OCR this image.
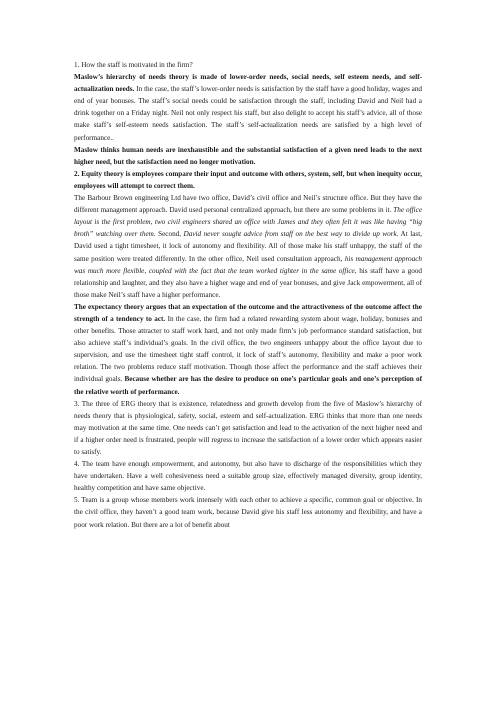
1. How the staff is motivated in the firm?

Maslow’s hierarchy of needs theory is made of lower-order needs, social needs, self esteem needs, and self-actualization needs. In the case, the staff’s lower-order needs is satisfaction by the staff have a good holiday, wages and end of year bonuses. The staff’s social needs could be satisfaction through the staff, including David and Neil had a drink together on a Friday night. Neil not only respect his staff, but also delight to accept his staff’s advice, all of those make staff’s self-esteem needs satisfaction. The staff’s self-actualization needs are satisfied by a high level of performance..

Maslow thinks human needs are inexhaustible and the substantial satisfaction of a given need leads to the next higher need, but the satisfaction need no longer motivation.

2. Equity theory is employees compare their input and outcome with others, system, self, but when inequity occur, employees will attempt to correct them.

The Barbour Brown engineering Ltd have two office, David’s civil office and Neil’s structure office. But they have the different management approach. David used personal centralized approach, but there are some problems in it. The office layout is the first problem, two civil engineers shared an office with James and they often felt it was like having “big broth” watching over them. Second, David never sought advice from staff on the best way to divide up work. At last, David used a tight timesheet, it lock of autonomy and flexibility. All of those make his staff unhappy, the staff of the same position were treated differently. In the other office, Neil used consultation approach, his management approach was much more flexible, coupled with the fact that the team worked tighter in the same office, his staff have a good relationship and laughter, and they also have a higher wage and end of year bonuses, and give Jack empowerment, all of those make Neil’s staff have a higher performance.

The expectancy theory argues that an expectation of the outcome and the attractiveness of the outcome affect the strength of a tendency to act. In the case, the firm had a related rewarding system about wage, holiday, bonuses and other benefits. Those attracter to staff work hard, and not only made firm’s job performance standard satisfaction, but also achieve staff’s individual’s goals. In the civil office, the two engineers unhappy about the office layout due to supervision, and use the timesheet tight staff control, it lock of staff’s autonomy, flexibility and make a poor work relation. The two problems reduce staff motivation. Though those affect the performance and the staff achieves their individual goals. Because whether are has the desire to produce on one’s particular goals and one’s perception of the relative worth of performance.

3. The three of ERG theory that is existence, relatedness and growth develop from the five of Maslow’s hierarchy of needs theory that is physiological, safety, social, esteem and self-actualization. ERG thinks that more than one needs may motivation at the same time. One needs can’t get satisfaction and lead to the activation of the next higher need and if a higher order need is frustrated, people will regress to increase the satisfaction of a lower order which appears easier to satisfy.

4. The team have enough empowerment, and autonomy, but also have to discharge of the responsibilities which they have undertaken. Have a well cohesiveness need a suitable group size, effectively managed diversity, group identity, healthy competition and have same objective.

5. Team is a group whose members work intensely with each other to achieve a specific, common goal or objective. In the civil office, they haven’t a good team work, because David give his staff less autonomy and flexibility, and have a poor work relation. But there are a lot of benefit about
